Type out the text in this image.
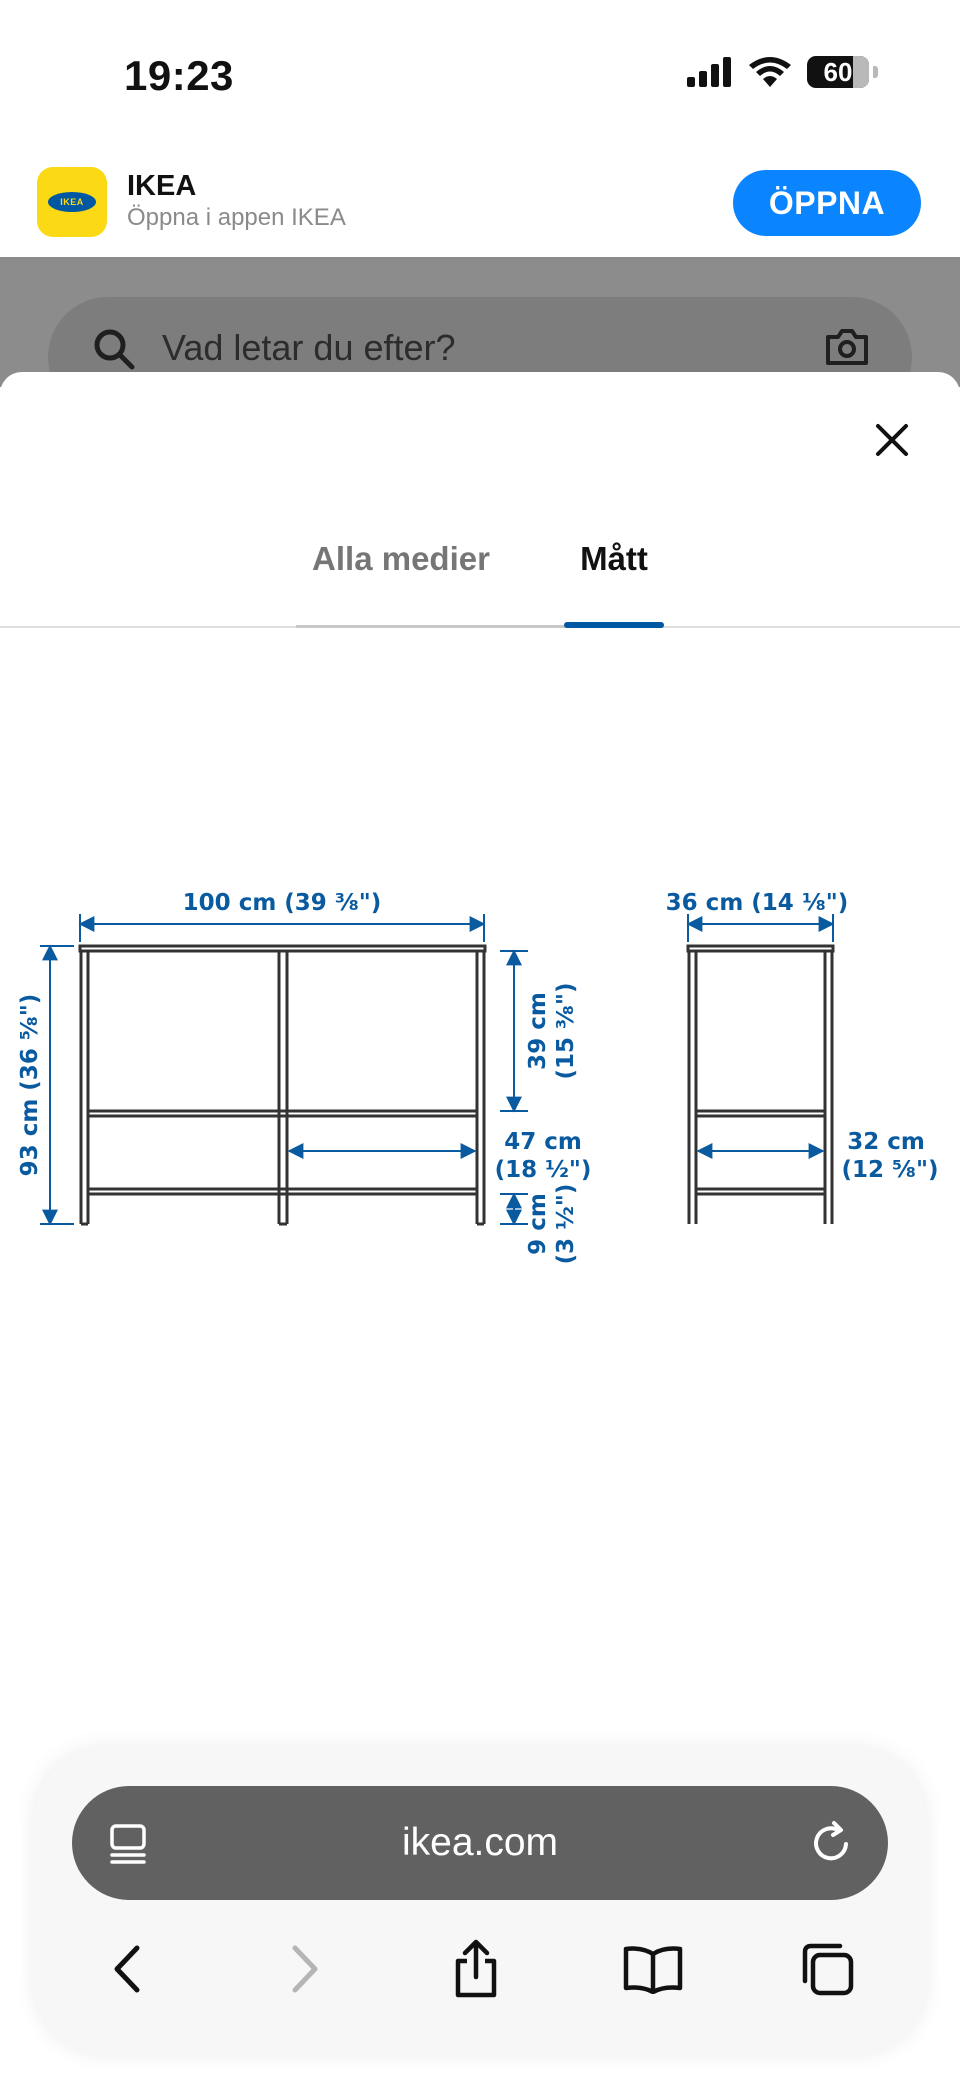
19:23	60
IKEA	IKEA
Öppna i appen IKEA	ÖPPNA
Vad letar du efter?
Alla medier	Mått
100 cm (39 ³⁄₈")
93 cm (36 ⁵⁄₈")	39 cm (15 ³⁄₈")
47 cm
(18 ½")
9 cm (3 ½")
36 cm (14 ¹⁄₈")
32 cm
(12 ⁵⁄₈")
ikea.com
